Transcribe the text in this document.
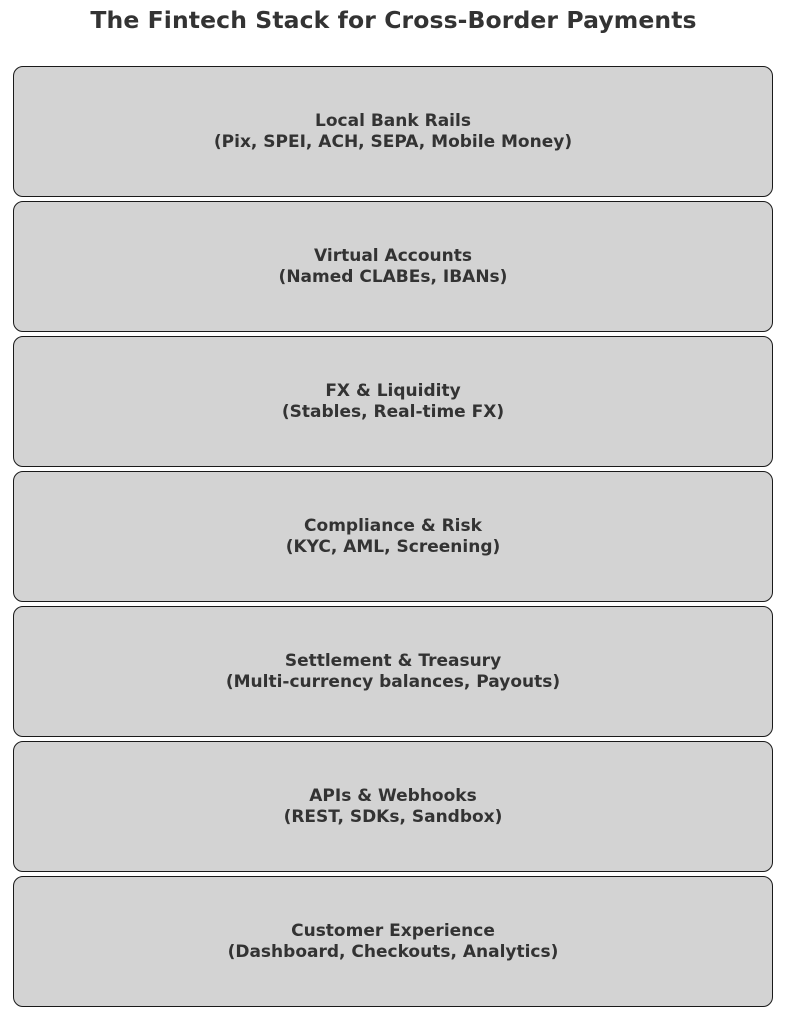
The Fintech Stack for Cross-Border Payments
Local Bank Rails
(Pix, SPEI, ACH, SEPA, Mobile Money)
Virtual Accounts
(Named CLABEs, IBANs)
FX & Liquidity
(Stables, Real-time FX)
Compliance & Risk
(KYC, AML, Screening)
Settlement & Treasury
(Multi-currency balances, Payouts)
APIs & Webhooks
(REST, SDKs, Sandbox)
Customer Experience
(Dashboard, Checkouts, Analytics)
